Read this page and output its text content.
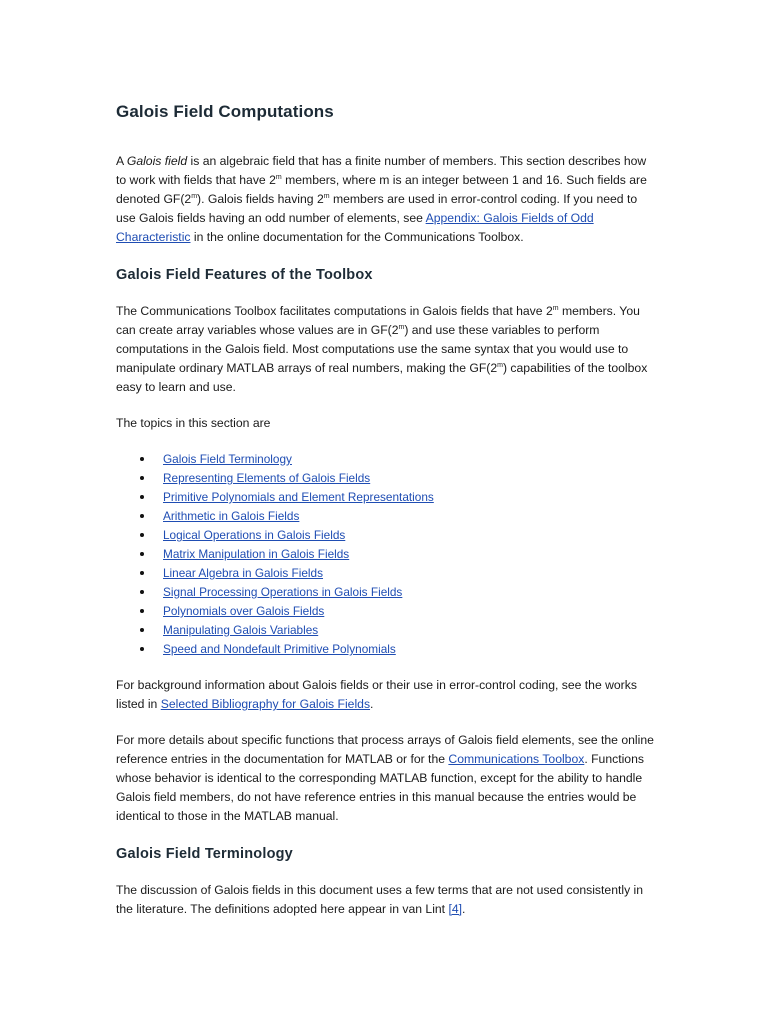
Galois Field Computations

A Galois field is an algebraic field that has a finite number of members. This section describes how to work with fields that have 2$^m$ members, where m is an integer between 1 and 16. Such fields are denoted GF(2$^m$). Galois fields having 2$^m$ members are used in error-control coding. If you need to use Galois fields having an odd number of elements, see Appendix: Galois Fields of Odd Characteristic in the online documentation for the Communications Toolbox.

Galois Field Features of the Toolbox

The Communications Toolbox facilitates computations in Galois fields that have 2$^m$ members. You can create array variables whose values are in GF(2$^m$) and use these variables to perform computations in the Galois field. Most computations use the same syntax that you would use to manipulate ordinary MATLAB arrays of real numbers, making the GF(2$^m$) capabilities of the toolbox easy to learn and use.

The topics in this section are

Galois Field Terminology
Representing Elements of Galois Fields
Primitive Polynomials and Element Representations
Arithmetic in Galois Fields
Logical Operations in Galois Fields
Matrix Manipulation in Galois Fields
Linear Algebra in Galois Fields
Signal Processing Operations in Galois Fields
Polynomials over Galois Fields
Manipulating Galois Variables
Speed and Nondefault Primitive Polynomials

For background information about Galois fields or their use in error-control coding, see the works listed in Selected Bibliography for Galois Fields.

For more details about specific functions that process arrays of Galois field elements, see the online reference entries in the documentation for MATLAB or for the Communications Toolbox. Functions whose behavior is identical to the corresponding MATLAB function, except for the ability to handle Galois field members, do not have reference entries in this manual because the entries would be identical to those in the MATLAB manual.

Galois Field Terminology

The discussion of Galois fields in this document uses a few terms that are not used consistently in the literature. The definitions adopted here appear in van Lint [4].
